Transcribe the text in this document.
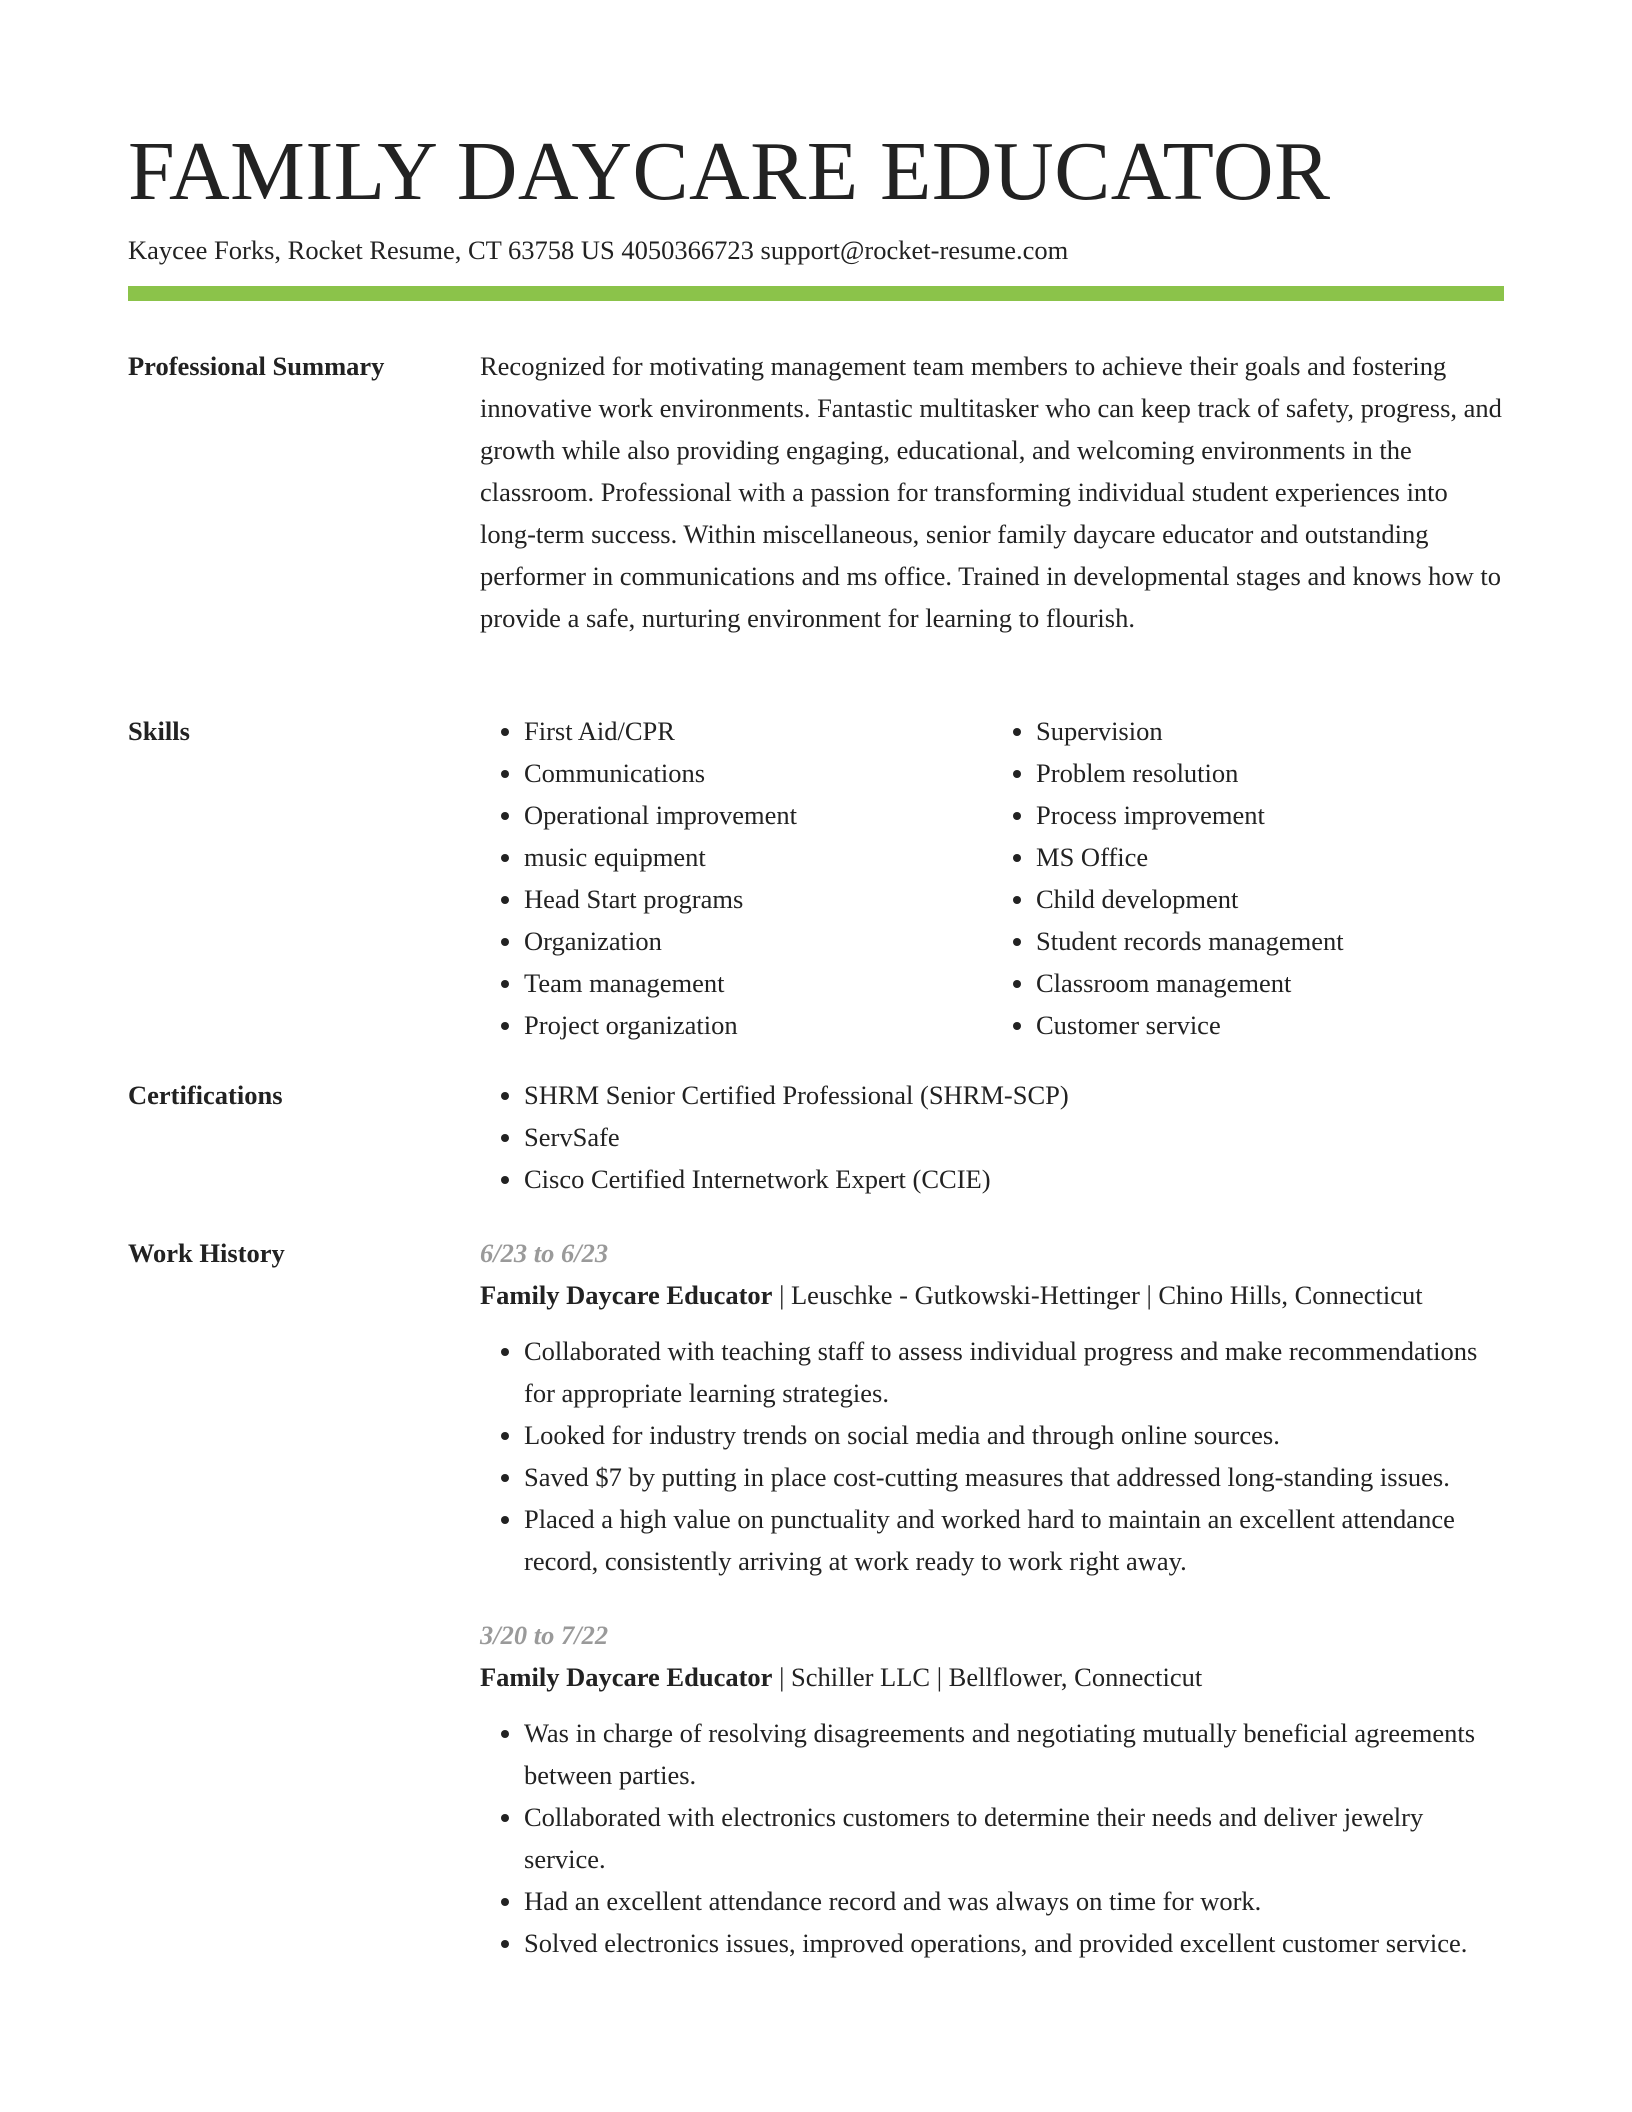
FAMILY DAYCARE EDUCATOR
Kaycee Forks, Rocket Resume, CT 63758 US 4050366723 support@rocket-resume.com
Professional Summary	Recognized for motivating management team members to achieve their goals and fostering innovative work environments. Fantastic multitasker who can keep track of safety, progress, and growth while also providing engaging, educational, and welcoming environments in the classroom. Professional with a passion for transforming individual student experiences into long-term success. Within miscellaneous, senior family daycare educator and outstanding performer in communications and ms office. Trained in developmental stages and knows how to provide a safe, nurturing environment for learning to flourish.

Skills	• First Aid/CPR
• Communications
• Operational improvement
• music equipment
• Head Start programs
• Organization
• Team management
• Project organization
• Supervision
• Problem resolution
• Process improvement
• MS Office
• Child development
• Student records management
• Classroom management
• Customer service
Certifications	• SHRM Senior Certified Professional (SHRM-SCP)
• ServSafe
• Cisco Certified Internetwork Expert (CCIE)
Work History	6/23 to 6/23
Family Daycare Educator | Leuschke - Gutkowski-Hettinger | Chino Hills, Connecticut
• Collaborated with teaching staff to assess individual progress and make recommendations for appropriate learning strategies.
• Looked for industry trends on social media and through online sources.
• Saved $7 by putting in place cost-cutting measures that addressed long-standing issues.
• Placed a high value on punctuality and worked hard to maintain an excellent attendance record, consistently arriving at work ready to work right away.
3/20 to 7/22
Family Daycare Educator | Schiller LLC | Bellflower, Connecticut
• Was in charge of resolving disagreements and negotiating mutually beneficial agreements between parties.
• Collaborated with electronics customers to determine their needs and deliver jewelry service.
• Had an excellent attendance record and was always on time for work.
• Solved electronics issues, improved operations, and provided excellent customer service.
